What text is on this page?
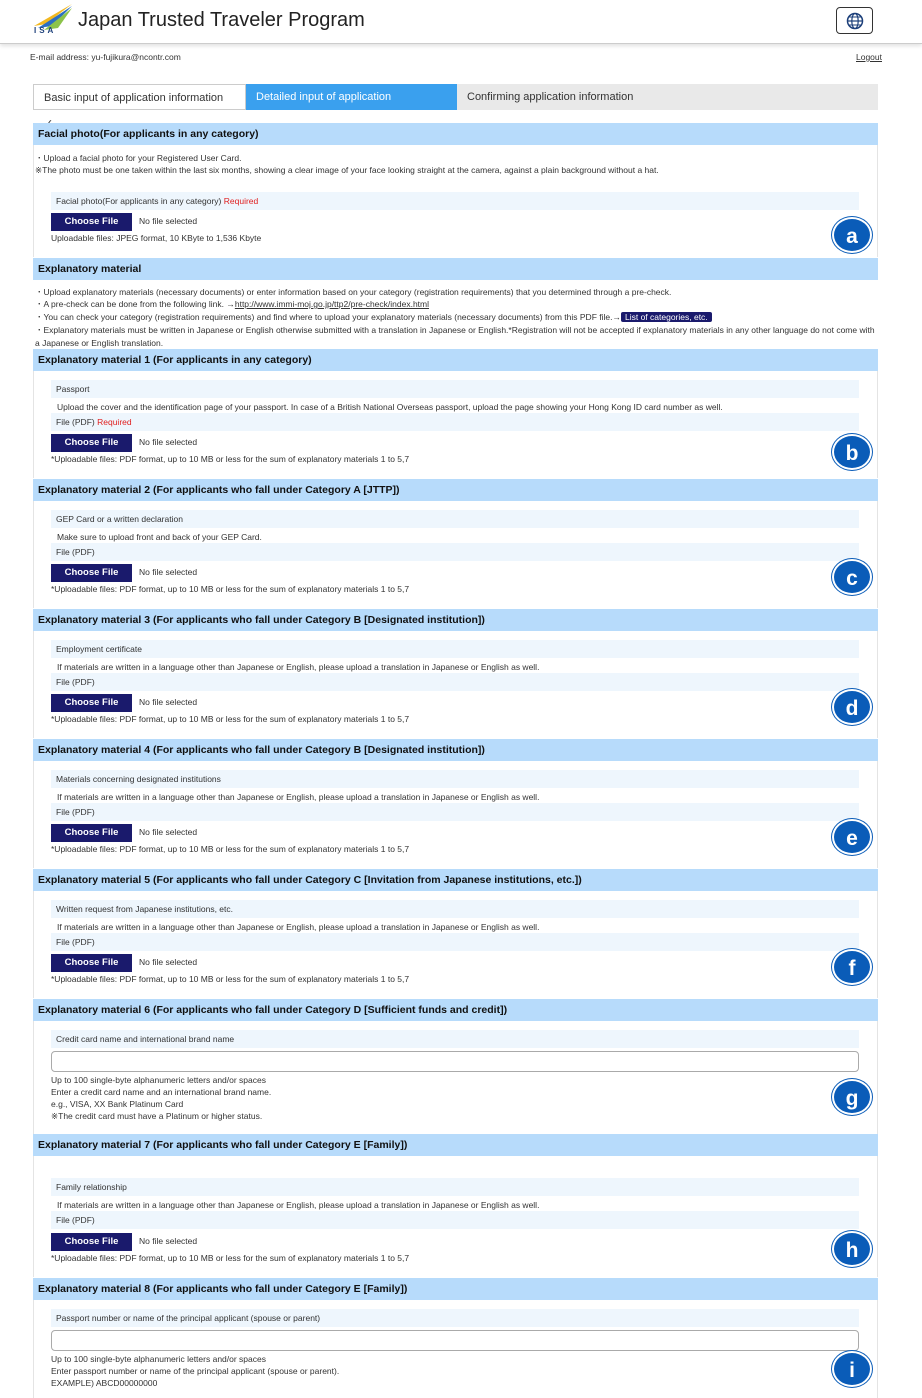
ISA Japan Trusted Traveler Program
E-mail address: yu-fujikura@ncontr.com	Logout
Basic input of application information	Detailed input of application	Confirming application information
Facial photo(For applicants in any category)
・Upload a facial photo for your Registered User Card.
※The photo must be one taken within the last six months, showing a clear image of your face looking straight at the camera, against a plain background without a hat.
Facial photo(For applicants in any category) Required
Choose File	No file selected
Uploadable files: JPEG format, 10 KByte to 1,536 Kbyte	a
Explanatory material
・Upload explanatory materials (necessary documents) or enter information based on your category (registration requirements) that you determined through a pre-check.
・A pre-check can be done from the following link. →http://www.immi-moj.go.jp/ttp2/pre-check/index.html
・You can check your category (registration requirements) and find where to upload your explanatory materials (necessary documents) from this PDF file.→ List of categories, etc.
・Explanatory materials must be written in Japanese or English otherwise submitted with a translation in Japanese or English.*Registration will not be accepted if explanatory materials in any other language do not come with a Japanese or English translation.
Explanatory material 1 (For applicants in any category)
Passport
Upload the cover and the identification page of your passport. In case of a British National Overseas passport, upload the page showing your Hong Kong ID card number as well.
File (PDF) Required
Choose File	No file selected
*Uploadable files: PDF format, up to 10 MB or less for the sum of explanatory materials 1 to 5,7	b
Explanatory material 2 (For applicants who fall under Category A [JTTP])
GEP Card or a written declaration
Make sure to upload front and back of your GEP Card.
File (PDF)
Choose File	No file selected
*Uploadable files: PDF format, up to 10 MB or less for the sum of explanatory materials 1 to 5,7	c
Explanatory material 3 (For applicants who fall under Category B [Designated institution])
Employment certificate
If materials are written in a language other than Japanese or English, please upload a translation in Japanese or English as well.
File (PDF)
Choose File	No file selected
*Uploadable files: PDF format, up to 10 MB or less for the sum of explanatory materials 1 to 5,7	d
Explanatory material 4 (For applicants who fall under Category B [Designated institution])
Materials concerning designated institutions
If materials are written in a language other than Japanese or English, please upload a translation in Japanese or English as well.
File (PDF)
Choose File	No file selected
*Uploadable files: PDF format, up to 10 MB or less for the sum of explanatory materials 1 to 5,7	e
Explanatory material 5 (For applicants who fall under Category C [Invitation from Japanese institutions, etc.])
Written request from Japanese institutions, etc.
If materials are written in a language other than Japanese or English, please upload a translation in Japanese or English as well.
File (PDF)
Choose File	No file selected
*Uploadable files: PDF format, up to 10 MB or less for the sum of explanatory materials 1 to 5,7	f
Explanatory material 6 (For applicants who fall under Category D [Sufficient funds and credit])
Credit card name and international brand name
Up to 100 single-byte alphanumeric letters and/or spaces
Enter a credit card name and an international brand name.
e.g., VISA, XX Bank Platinum Card
※The credit card must have a Platinum or higher status.
g
Explanatory material 7 (For applicants who fall under Category E [Family])
Family relationship
If materials are written in a language other than Japanese or English, please upload a translation in Japanese or English as well.
File (PDF)
Choose File	No file selected
*Uploadable files: PDF format, up to 10 MB or less for the sum of explanatory materials 1 to 5,7	h
Explanatory material 8 (For applicants who fall under Category E [Family])
Passport number or name of the principal applicant (spouse or parent)
Up to 100 single-byte alphanumeric letters and/or spaces
Enter passport number or name of the principal applicant (spouse or parent).
EXAMPLE) ABCD00000000
i
